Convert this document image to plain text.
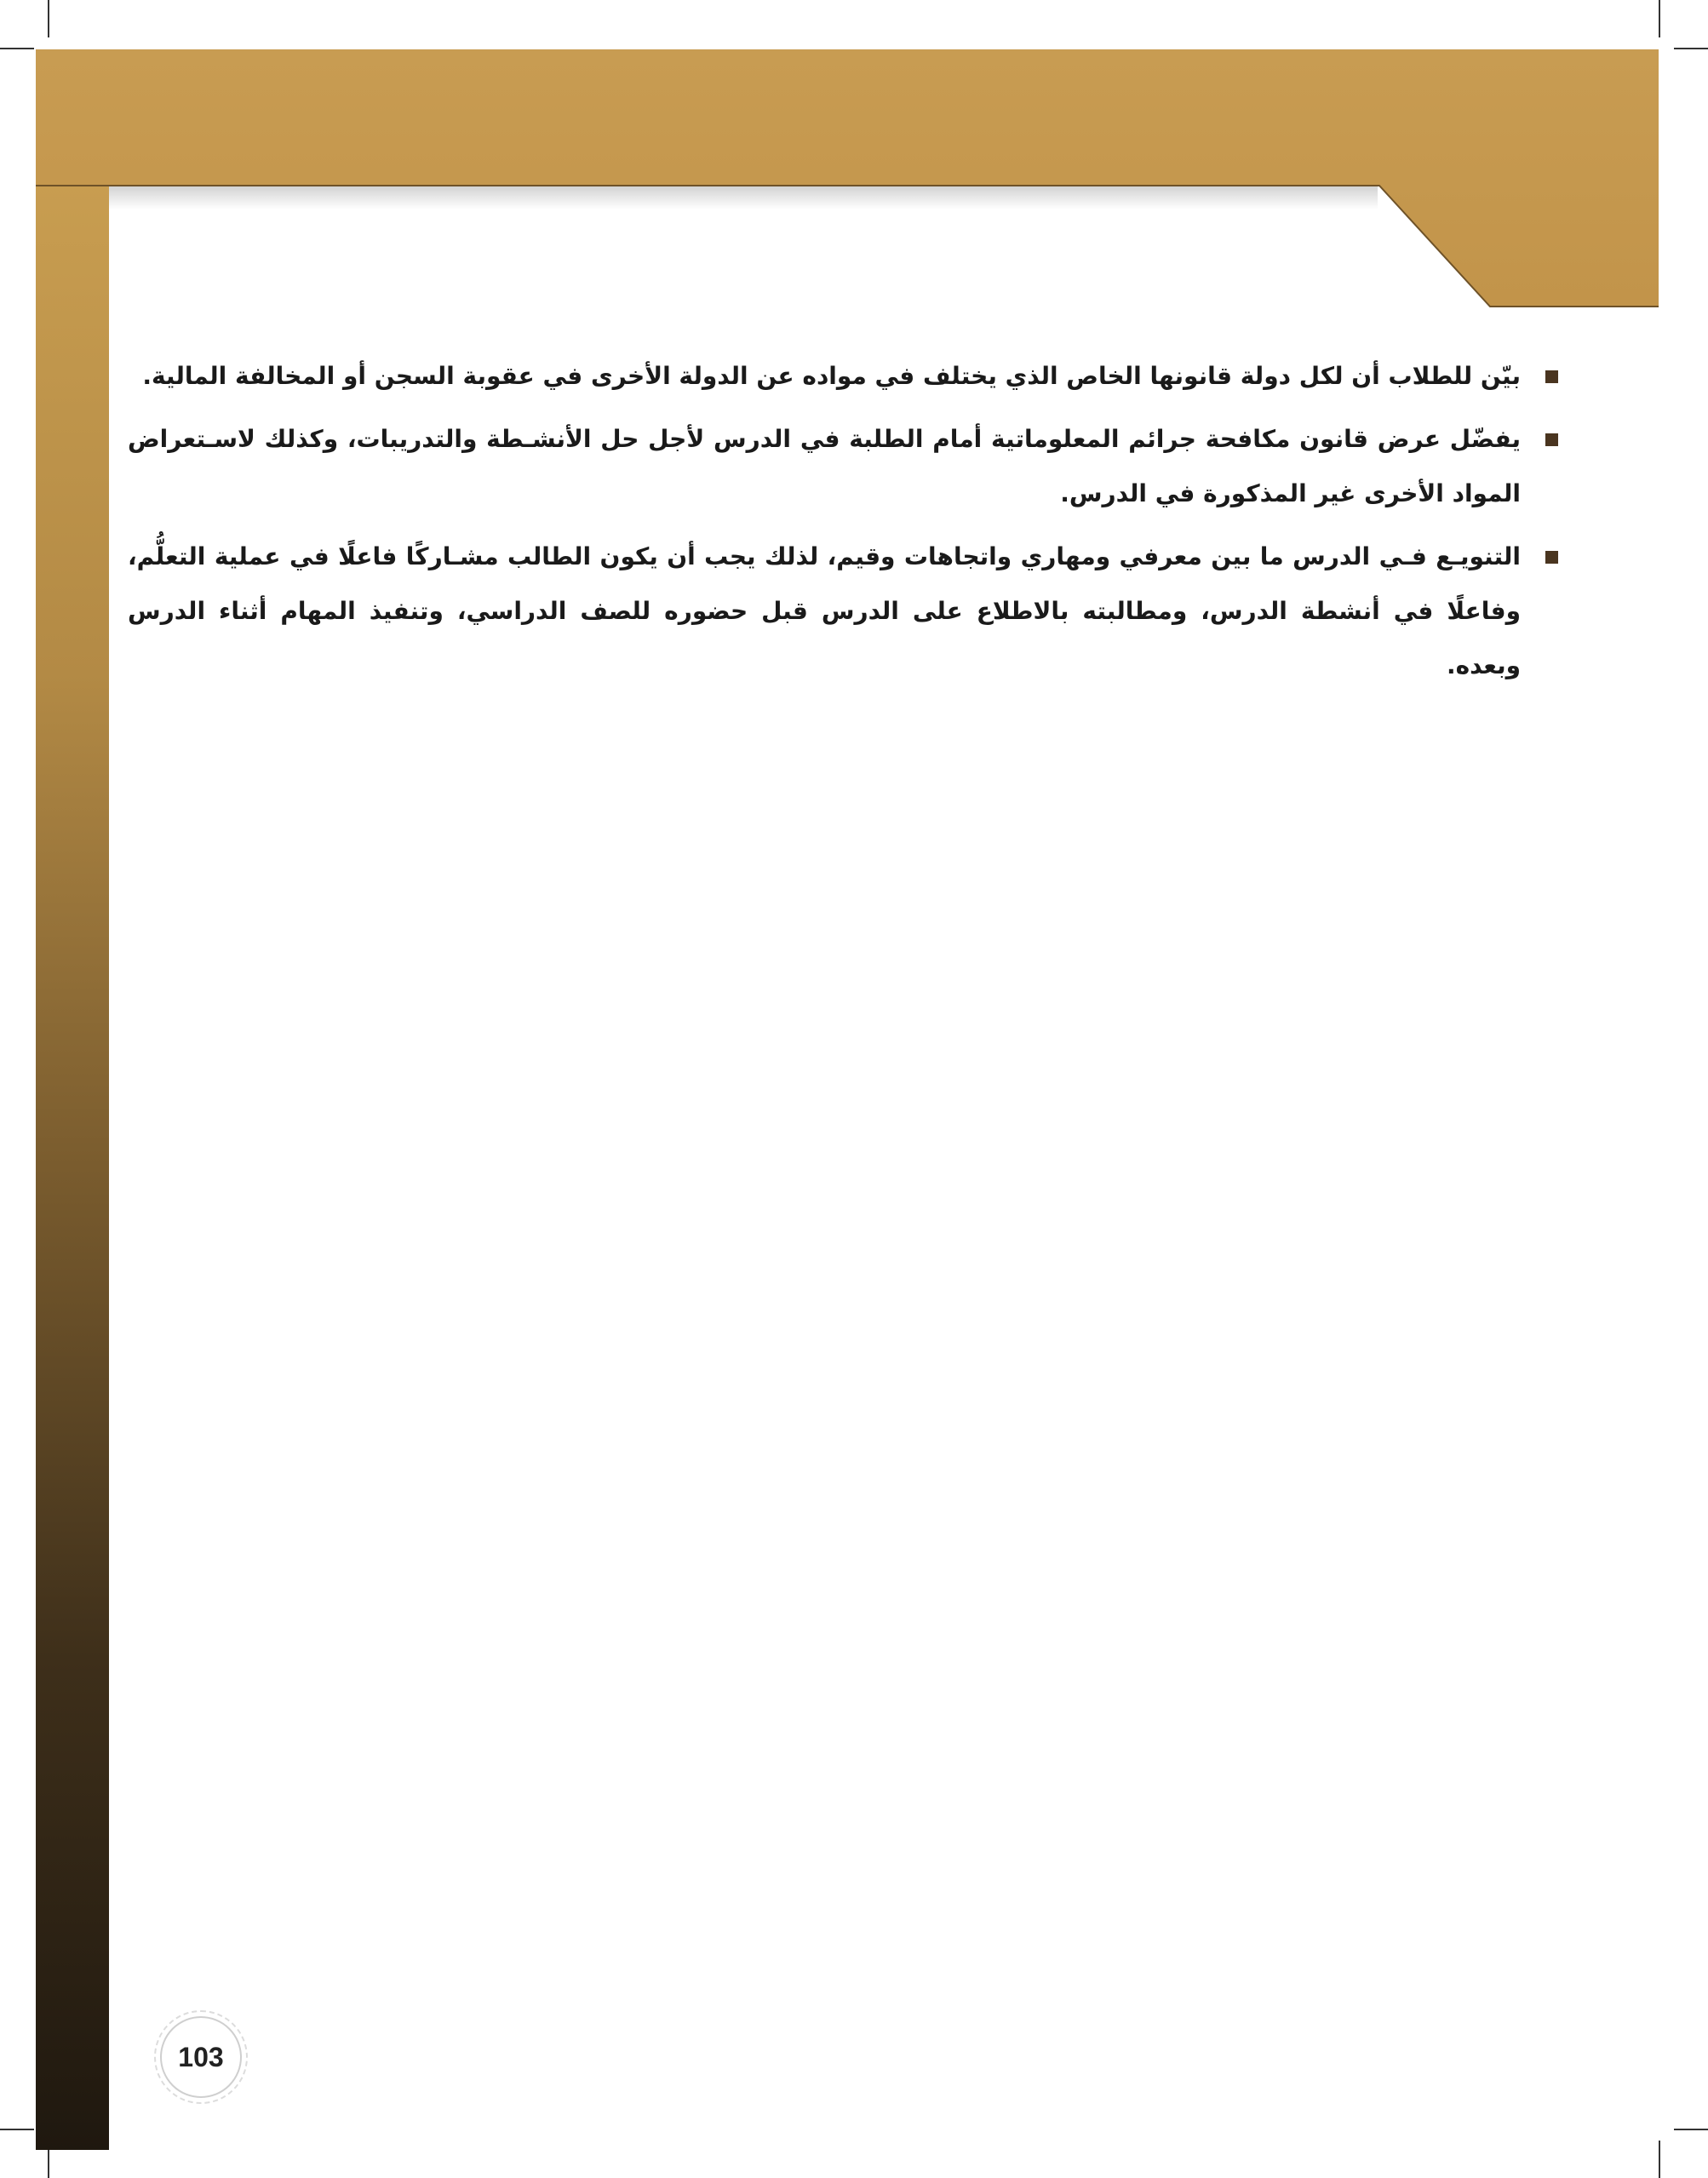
بيّن للطلاب أن لكل دولة قانونها الخاص الذي يختلف في مواده عن الدولة الأخرى في عقوبة السجن أو المخالفة المالية.
يفضّل عرض قانون مكافحة جرائم المعلوماتية أمام الطلبة في الدرس لأجل حل الأنشـطة والتدريبات، وكذلك لاسـتعراض المواد الأخرى غير المذكورة في الدرس.
التنويـع فـي الدرس ما بين معرفي ومهاري واتجاهات وقيم، لذلك يجب أن يكون الطالب مشـاركًا فاعلًا في عملية التعلُّم، وفاعلًا في أنشطة الدرس، ومطالبته بالاطلاع على الدرس قبل حضوره للصف الدراسي، وتنفيذ المهام أثناء الدرس وبعده.
103
